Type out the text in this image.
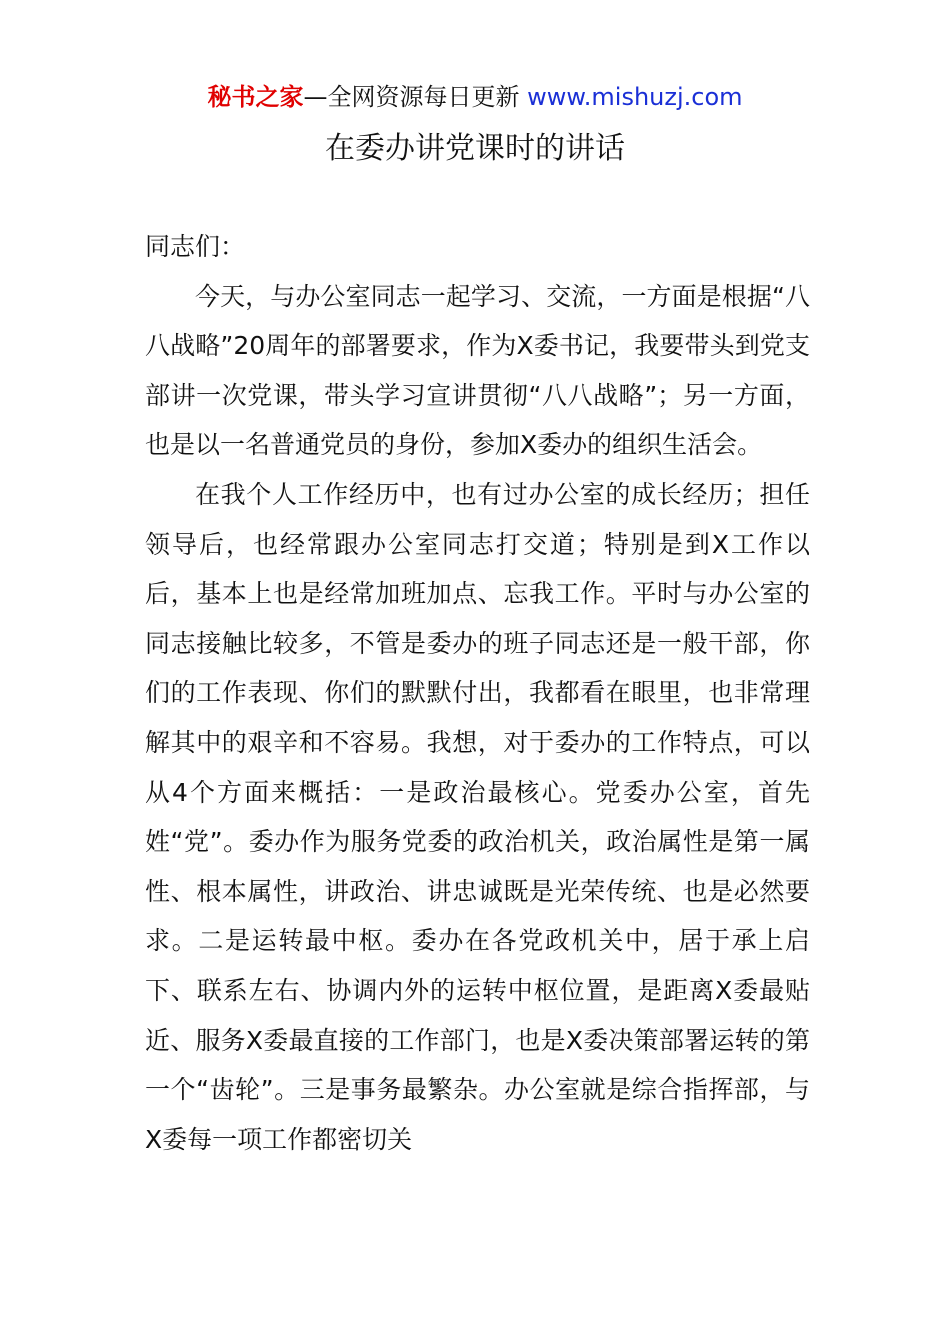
秘书之家—全网资源每日更新 www.mishuzj.com
在委办讲党课时的讲话

同志们：

今天，与办公室同志一起学习、交流，一方面是根据“八八战略”20周年的部署要求，作为X委书记，我要带头到党支部讲一次党课，带头学习宣讲贯彻“八八战略”；另一方面，也是以一名普通党员的身份，参加X委办的组织生活会。

在我个人工作经历中，也有过办公室的成长经历；担任领导后，也经常跟办公室同志打交道；特别是到X工作以后，基本上也是经常加班加点、忘我工作。平时与办公室的同志接触比较多，不管是委办的班子同志还是一般干部，你们的工作表现、你们的默默付出，我都看在眼里，也非常理解其中的艰辛和不容易。我想，对于委办的工作特点，可以从4个方面来概括：一是政治最核心。党委办公室，首先姓“党”。委办作为服务党委的政治机关，政治属性是第一属性、根本属性，讲政治、讲忠诚既是光荣传统、也是必然要求。二是运转最中枢。委办在各党政机关中，居于承上启下、联系左右、协调内外的运转中枢位置，是距离X委最贴近、服务X委最直接的工作部门，也是X委决策部署运转的第一个“齿轮”。三是事务最繁杂。办公室就是综合指挥部，与X委每一项工作都密切关
